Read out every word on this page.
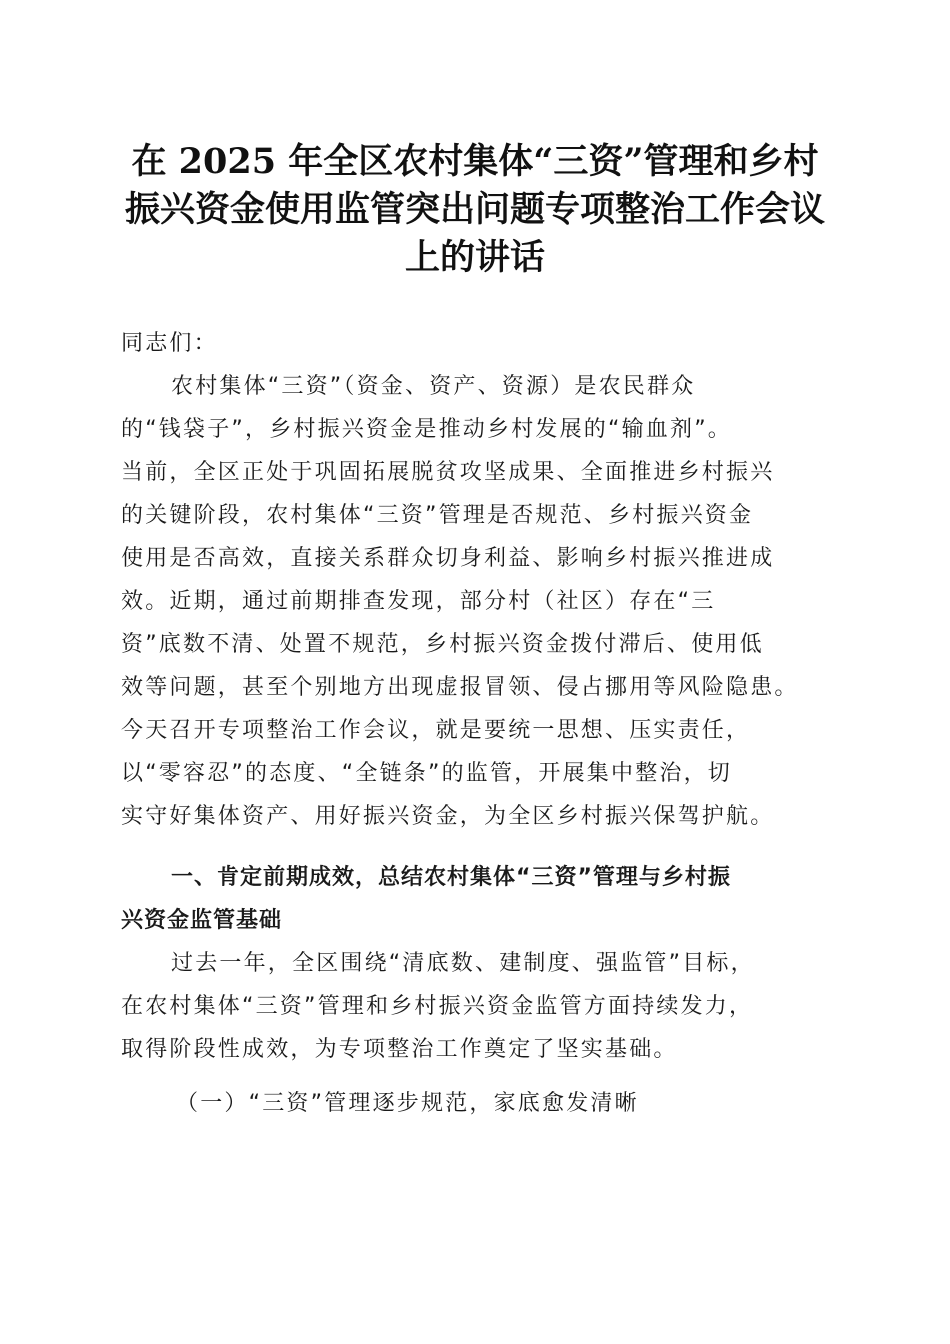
在 2025 年全区农村集体“三资”管理和乡村
振兴资金使用监管突出问题专项整治工作会议
上的讲话
同志们：
农村集体“三资”（资金、资产、资源）是农民群众
的“钱袋子”，乡村振兴资金是推动乡村发展的“输血剂”。
当前，全区正处于巩固拓展脱贫攻坚成果、全面推进乡村振兴
的关键阶段，农村集体“三资”管理是否规范、乡村振兴资金
使用是否高效，直接关系群众切身利益、影响乡村振兴推进成
效。近期，通过前期排查发现，部分村（社区）存在“三
资”底数不清、处置不规范，乡村振兴资金拨付滞后、使用低
效等问题，甚至个别地方出现虚报冒领、侵占挪用等风险隐患。
今天召开专项整治工作会议，就是要统一思想、压实责任，
以“零容忍”的态度、“全链条”的监管，开展集中整治，切
实守好集体资产、用好振兴资金，为全区乡村振兴保驾护航。
一、肯定前期成效，总结农村集体“三资”管理与乡村振
兴资金监管基础
过去一年，全区围绕“清底数、建制度、强监管”目标，
在农村集体“三资”管理和乡村振兴资金监管方面持续发力，
取得阶段性成效，为专项整治工作奠定了坚实基础。
（一）“三资”管理逐步规范，家底愈发清晰
